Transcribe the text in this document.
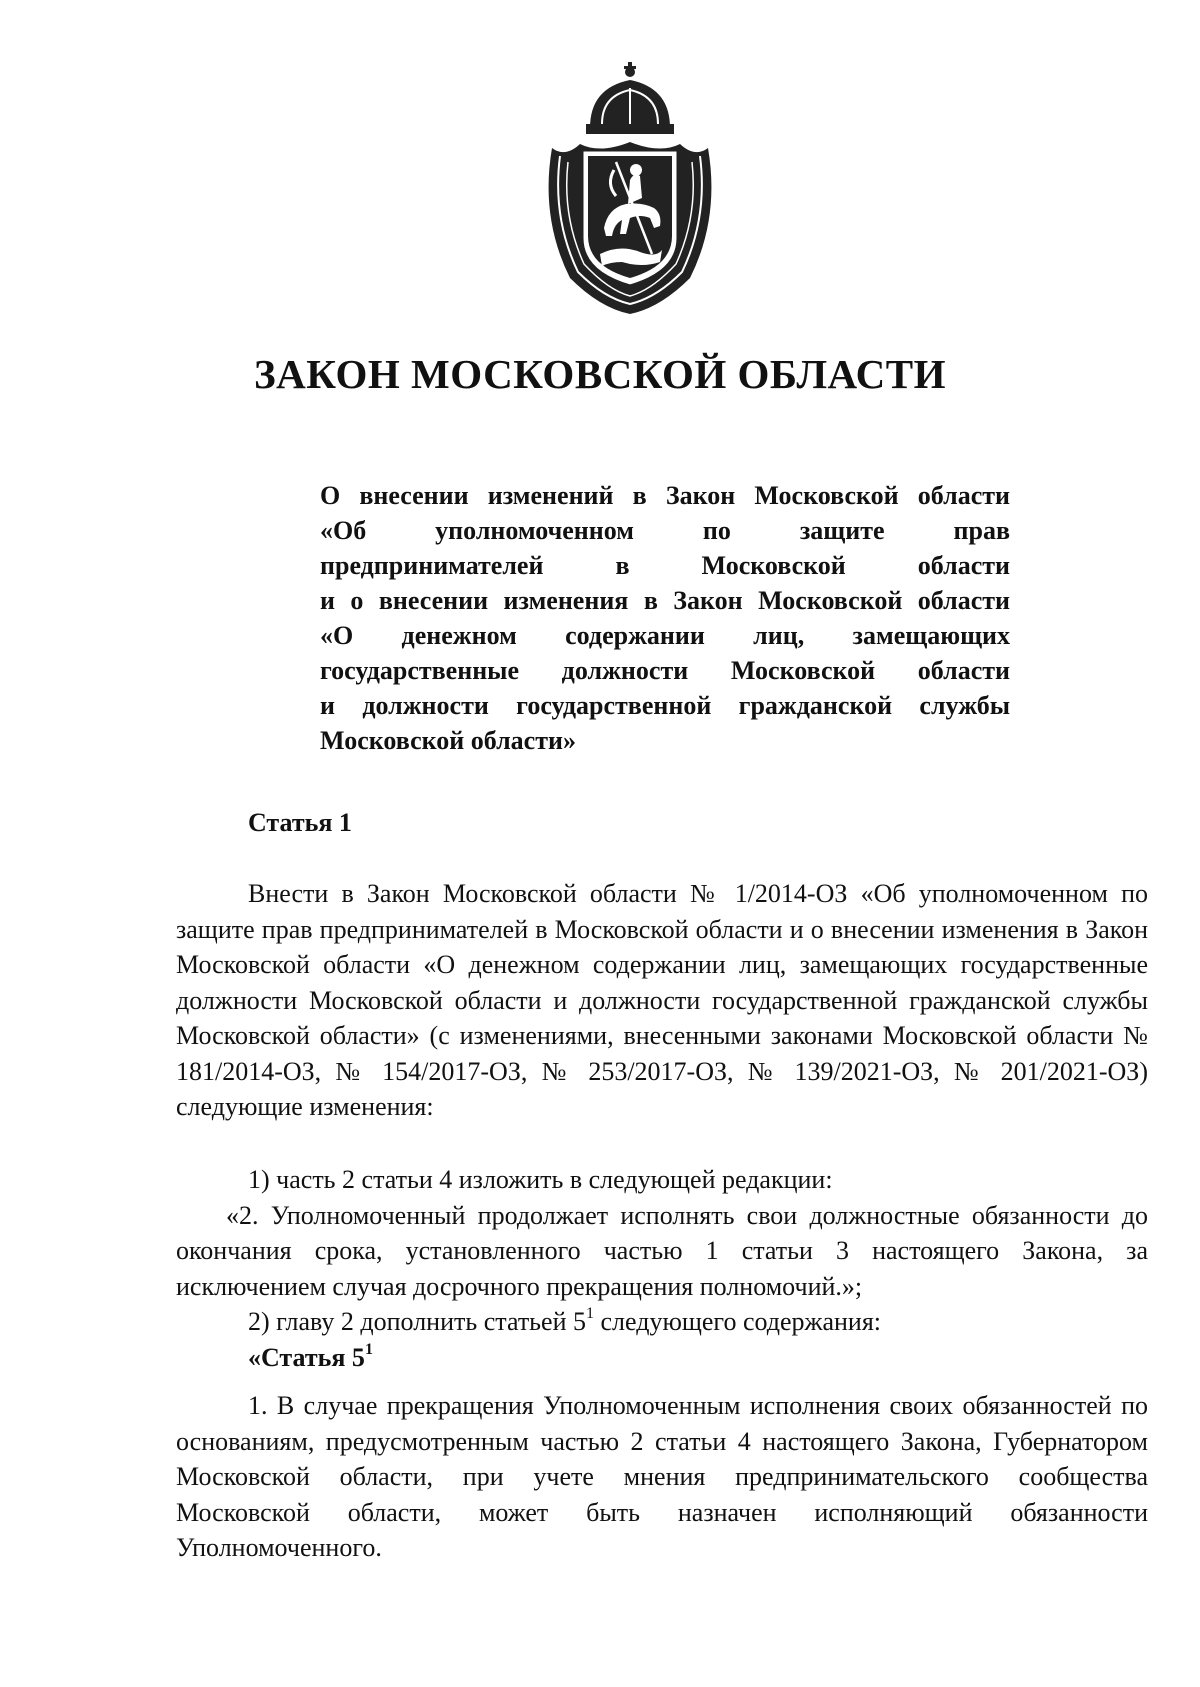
ЗАКОН МОСКОВСКОЙ ОБЛАСТИ
О внесении изменений в Закон Московской области
«Об уполномоченном по защите прав
предпринимателей в Московской области
и о внесении изменения в Закон Московской области
«О денежном содержании лиц, замещающих
государственные должности Московской области
и должности государственной гражданской службы
Московской области»
Статья 1

Внести в Закон Московской области № 1/2014-ОЗ «Об уполномоченном по защите прав предпринимателей в Московской области и о внесении изменения в Закон Московской области «О денежном содержании лиц, замещающих государственные должности Московской области и должности государственной гражданской службы Московской области» (с изменениями, внесенными законами Московской области № 181/2014-ОЗ, № 154/2017-ОЗ, № 253/2017-ОЗ, № 139/2021-ОЗ, № 201/2021-ОЗ) следующие изменения:

1) часть 2 статьи 4 изложить в следующей редакции:

«2. Уполномоченный продолжает исполнять свои должностные обязанности до окончания срока, установленного частью 1 статьи 3 настоящего Закона, за исключением случая досрочного прекращения полномочий.»;

2) главу 2 дополнить статьей $5^1$ следующего содержания:

«Статья $5^1$

1. В случае прекращения Уполномоченным исполнения своих обязанностей по основаниям, предусмотренным частью 2 статьи 4 настоящего Закона, Губернатором Московской области, при учете мнения предпринимательского сообщества Московской области, может быть назначен исполняющий обязанности Уполномоченного.
